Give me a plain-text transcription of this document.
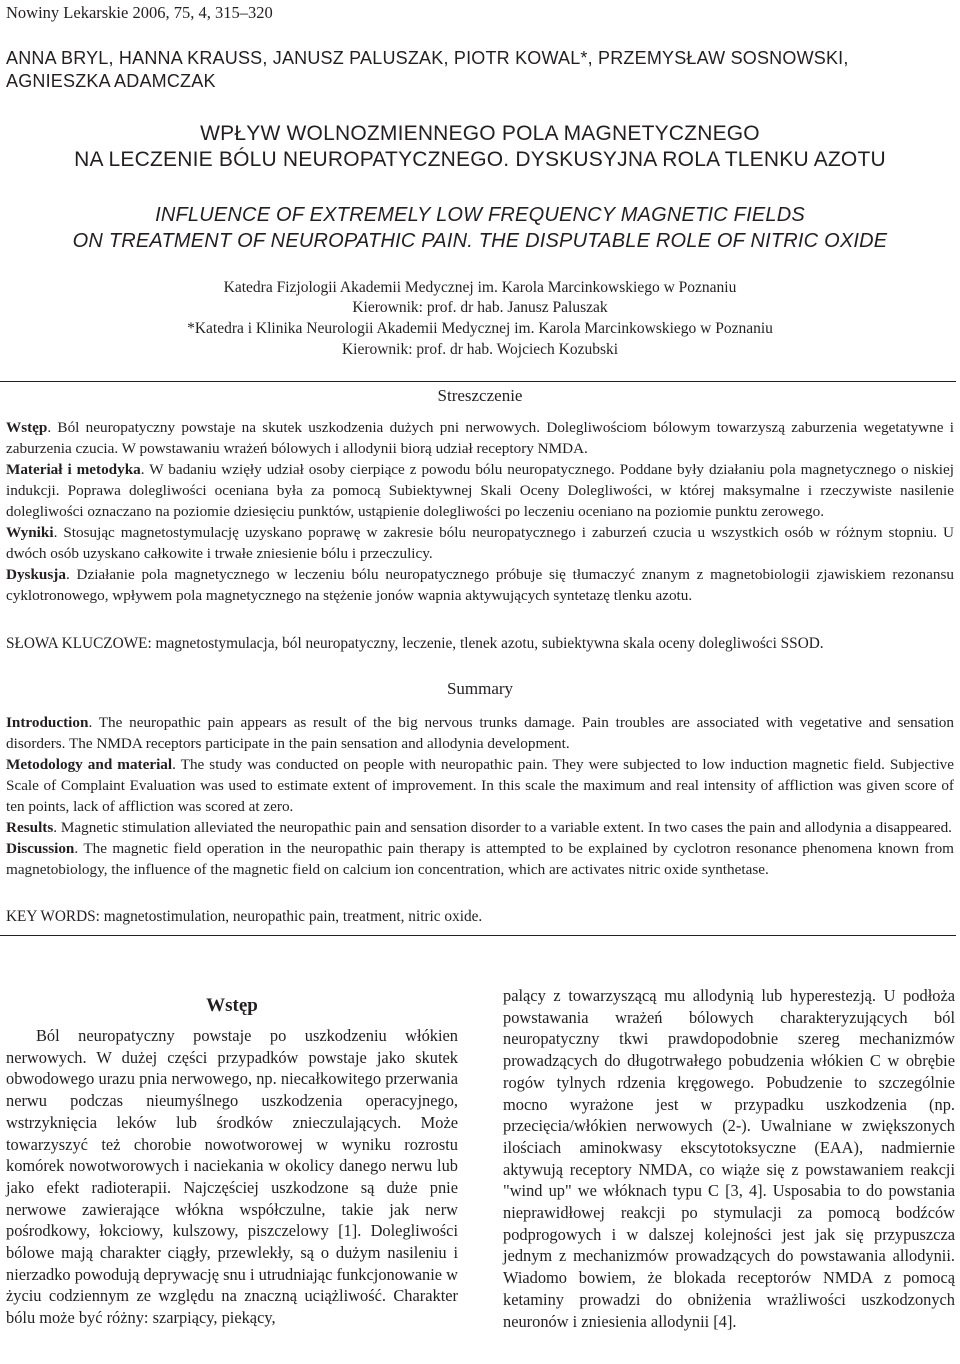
Nowiny Lekarskie 2006, 75, 4, 315–320
ANNA BRYL, HANNA KRAUSS, JANUSZ PALUSZAK, PIOTR KOWAL*, PRZEMYSŁAW SOSNOWSKI,
AGNIESZKA ADAMCZAK
WPŁYW WOLNOZMIENNEGO POLA MAGNETYCZNEGO
NA LECZENIE BÓLU NEUROPATYCZNEGO. DYSKUSYJNA ROLA TLENKU AZOTU
INFLUENCE OF EXTREMELY LOW FREQUENCY MAGNETIC FIELDS
ON TREATMENT OF NEUROPATHIC PAIN. THE DISPUTABLE ROLE OF NITRIC OXIDE
Katedra Fizjologii Akademii Medycznej im. Karola Marcinkowskiego w Poznaniu
Kierownik: prof. dr hab. Janusz Paluszak
*Katedra i Klinika Neurologii Akademii Medycznej im. Karola Marcinkowskiego w Poznaniu
Kierownik: prof. dr hab. Wojciech Kozubski
Streszczenie

Wstęp. Ból neuropatyczny powstaje na skutek uszkodzenia dużych pni nerwowych. Dolegliwościom bólowym towarzyszą zaburzenia wegetatywne i zaburzenia czucia. W powstawaniu wrażeń bólowych i allodynii biorą udział receptory NMDA.

Materiał i metodyka. W badaniu wzięły udział osoby cierpiące z powodu bólu neuropatycznego. Poddane były działaniu pola magnetycznego o niskiej indukcji. Poprawa dolegliwości oceniana była za pomocą Subiektywnej Skali Oceny Dolegliwości, w której maksymalne i rzeczywiste nasilenie dolegliwości oznaczano na poziomie dziesięciu punktów, ustąpienie dolegliwości po leczeniu oceniano na poziomie punktu zerowego.

Wyniki. Stosując magnetostymulację uzyskano poprawę w zakresie bólu neuropatycznego i zaburzeń czucia u wszystkich osób w różnym stopniu. U dwóch osób uzyskano całkowite i trwałe zniesienie bólu i przeczulicy.

Dyskusja. Działanie pola magnetycznego w leczeniu bólu neuropatycznego próbuje się tłumaczyć znanym z magnetobiologii zjawiskiem rezonansu cyklotronowego, wpływem pola magnetycznego na stężenie jonów wapnia aktywujących syntetazę tlenku azotu.

SŁOWA KLUCZOWE: magnetostymulacja, ból neuropatyczny, leczenie, tlenek azotu, subiektywna skala oceny dolegliwości SSOD.
Summary

Introduction. The neuropathic pain appears as result of the big nervous trunks damage. Pain troubles are associated with vegetative and sensation disorders. The NMDA receptors participate in the pain sensation and allodynia development.

Metodology and material. The study was conducted on people with neuropathic pain. They were subjected to low induction magnetic field. Subjective Scale of Complaint Evaluation was used to estimate extent of improvement. In this scale the maximum and real intensity of affliction was given score of ten points, lack of affliction was scored at zero.

Results. Magnetic stimulation alleviated the neuropathic pain and sensation disorder to a variable extent. In two cases the pain and allodynia a disappeared.

Discussion. The magnetic field operation in the neuropathic pain therapy is attempted to be explained by cyclotron resonance phenomena known from magnetobiology, the influence of the magnetic field on calcium ion concentration, which are activates nitric oxide synthetase.

KEY WORDS: magnetostimulation, neuropathic pain, treatment, nitric oxide.
Wstęp

Ból neuropatyczny powstaje po uszkodzeniu włókien nerwowych. W dużej części przypadków powstaje jako skutek obwodowego urazu pnia nerwowego, np. niecałkowitego przerwania nerwu podczas nieumyślnego uszkodzenia operacyjnego, wstrzyknięcia leków lub środków znieczulających. Może towarzyszyć też chorobie nowotworowej w wyniku rozrostu komórek nowotworowych i naciekania w okolicy danego nerwu lub jako efekt radioterapii. Najczęściej uszkodzone są duże pnie nerwowe zawierające włókna współczulne, takie jak nerw pośrodkowy, łokciowy, kulszowy, piszczelowy [1]. Dolegliwości bólowe mają charakter ciągły, przewlekły, są o dużym nasileniu i nierzadko powodują deprywację snu i utrudniając funkcjonowanie w życiu codziennym ze względu na znaczną uciążliwość. Charakter bólu może być różny: szarpiący, piekący,

palący z towarzyszącą mu allodynią lub hyperestezją. U podłoża powstawania wrażeń bólowych charakteryzujących ból neuropatyczny tkwi prawdopodobnie szereg mechanizmów prowadzących do długotrwałego pobudzenia włókien C w obrębie rogów tylnych rdzenia kręgowego. Pobudzenie to szczególnie mocno wyrażone jest w przypadku uszkodzenia (np. przecięcia/włókien nerwowych (2-). Uwalniane w zwiększonych ilościach aminokwasy ekscytotoksyczne (EAA), nadmiernie aktywują receptory NMDA, co wiąże się z powstawaniem reakcji "wind up" we włóknach typu C [3, 4]. Usposabia to do powstania nieprawidłowej reakcji po stymulacji za pomocą bodźców podprogowych i w dalszej kolejności jest jak się przypuszcza jednym z mechanizmów prowadzących do powstawania allodynii. Wiadomo bowiem, że blokada receptorów NMDA z pomocą ketaminy prowadzi do obniżenia wrażliwości uszkodzonych neuronów i zniesienia allodynii [4].
